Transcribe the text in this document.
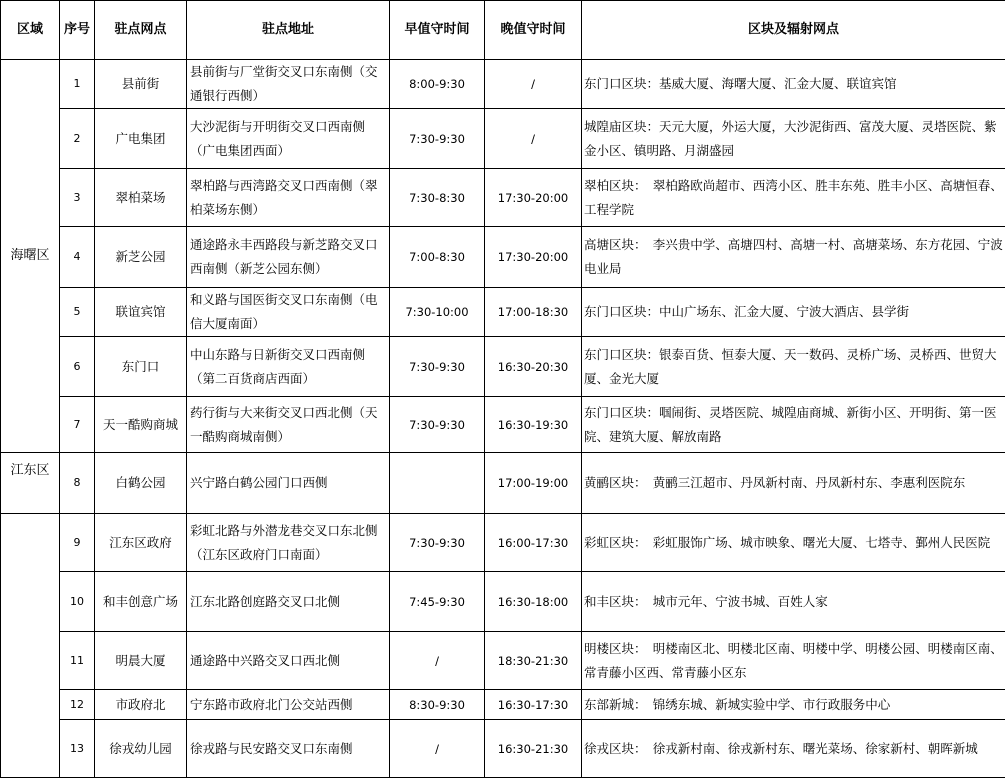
区域	序号	驻点网点	驻点地址	早值守时间	晚值守时间	区块及辐射网点
海曙区	1	县前街	县前街与厂堂街交叉口东南侧（交通银行西侧）	8:00-9:30	/	东门口区块：基威大厦、海曙大厦、汇金大厦、联谊宾馆
	2	广电集团	大沙泥街与开明街交叉口西南侧（广电集团西面）	7:30-9:30	/	城隍庙区块：天元大厦，外运大厦，大沙泥街西、富茂大厦、灵塔医院、紫金小区、镇明路、月湖盛园
	3	翠柏菜场	翠柏路与西湾路交叉口西南侧（翠柏菜场东侧）	7:30-8:30	17:30-20:00	翠柏区块：　翠柏路欧尚超市、西湾小区、胜丰东苑、胜丰小区、高塘恒春、工程学院
	4	新芝公园	通途路永丰西路段与新芝路交叉口西南侧（新芝公园东侧）	7:00-8:30	17:30-20:00	高塘区块：　李兴贵中学、高塘四村、高塘一村、高塘菜场、东方花园、宁波电业局
	5	联谊宾馆	和义路与国医街交叉口东南侧（电信大厦南面）	7:30-10:00	17:00-18:30	东门口区块：中山广场东、汇金大厦、宁波大酒店、县学街
	6	东门口	中山东路与日新街交叉口西南侧（第二百货商店西面）	7:30-9:30	16:30-20:30	东门口区块：银泰百货、恒泰大厦、天一数码、灵桥广场、灵桥西、世贸大厦、金光大厦
	7	天一酷购商城	药行街与大来街交叉口西北侧（天一酷购商城南侧）	7:30-9:30	16:30-19:30	东门口区块：啯闹街、灵塔医院、城隍庙商城、新街小区、开明街、第一医院、建筑大厦、解放南路
江东区	8	白鹤公园	兴宁路白鹤公园门口西侧		17:00-19:00	黄鹂区块：　黄鹂三江超市、丹凤新村南、丹凤新村东、李惠利医院东
	9	江东区政府	彩虹北路与外潜龙巷交叉口东北侧（江东区政府门口南面）	7:30-9:30	16:00-17:30	彩虹区块：　彩虹服饰广场、城市映象、曙光大厦、七塔寺、鄞州人民医院
	10	和丰创意广场	江东北路创庭路交叉口北侧	7:45-9:30	16:30-18:00	和丰区块：　城市元年、宁波书城、百姓人家
	11	明晨大厦	通途路中兴路交叉口西北侧	/	18:30-21:30	明楼区块：　明楼南区北、明楼北区南、明楼中学、明楼公园、明楼南区南、常青藤小区西、常青藤小区东
	12	市政府北	宁东路市政府北门公交站西侧	8:30-9:30	16:30-17:30	东部新城：　锦绣东城、新城实验中学、市行政服务中心
	13	徐戎幼儿园	徐戎路与民安路交叉口东南侧	/	16:30-21:30	徐戎区块：　徐戎新村南、徐戎新村东、曙光菜场、徐家新村、朝晖新城
